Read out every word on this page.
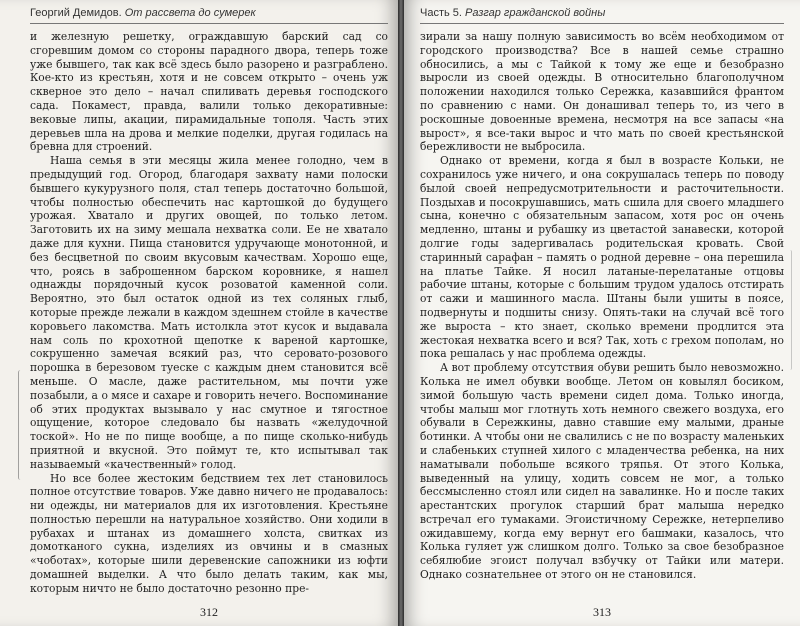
Георгий Демидов. От рассвета до сумерек

и железную решетку, ограждавшую барский сад со сгоревшим домом со стороны парадного двора, теперь тоже уже бывшего, так как всё здесь было разорено и разграблено. Кое-кто из крестьян, хотя и не совсем открыто – очень уж скверное это дело – начал спиливать деревья господского сада. Покамест, правда, валили только декоративные: вековые липы, акации, пирамидальные тополя. Часть этих деревьев шла на дрова и мелкие поделки, другая годилась на бревна для строений.

Наша семья в эти месяцы жила менее голодно, чем в предыдущий год. Огород, благодаря захвату нами полоски бывшего кукурузного поля, стал теперь достаточно большой, чтобы полностью обеспечить нас картошкой до будущего урожая. Хватало и других овощей, по только летом. Заготовить их на зиму мешала нехватка соли. Ее не хватало даже для кухни. Пища становится удручающе монотонной, и без бесцветной по своим вкусовым качествам. Хорошо еще, что, роясь в заброшенном барском коровнике, я нашел однажды порядочный кусок розоватой каменной соли. Вероятно, это был остаток одной из тех соляных глыб, которые прежде лежали в каждом здешнем стойле в качестве коровьего лакомства. Мать истолкла этот кусок и выдавала нам соль по крохотной щепотке к вареной картошке, сокрушенно замечая всякий раз, что серовато-розового порошка в березовом туеске с каждым днем становится всё меньше. О масле, даже растительном, мы почти уже позабыли, а о мясе и сахаре и говорить нечего. Воспоминание об этих продуктах вызывало у нас смутное и тягостное ощущение, которое следовало бы назвать «желудочной тоской». Но не по пище вообще, а по пище сколько-нибудь приятной и вкусной. Это поймут те, кто испытывал так называемый «качественный» голод.

Но все более жестоким бедствием тех лет становилось полное отсутствие товаров. Уже давно ничего не продавалось: ни одежды, ни материалов для их изготовления. Крестьяне полностью перешли на натуральное хозяйство. Они ходили в рубахах и штанах из домашнего холста, свитках из домотканого сукна, изделиях из овчины и в смазных «чоботах», которые шили деревенские сапожники из юфти домашней выделки. А что было делать таким, как мы, которым ничто не было достаточно резонно пре-

312
Часть 5. Разгар гражданской войны

зирали за нашу полную зависимость во всём необходимом от городского производства? Все в нашей семье страшно обносились, а мы с Тайкой к тому же еще и безобразно выросли из своей одежды. В относительно благополучном положении находился только Сережка, казавшийся франтом по сравнению с нами. Он донашивал теперь то, из чего в роскошные довоенные времена, несмотря на все запасы «на вырост», я все-таки вырос и что мать по своей крестьянской бережливости не выбросила.

Однако от времени, когда я был в возрасте Кольки, не сохранилось уже ничего, и она сокрушалась теперь по поводу былой своей непредусмотрительности и расточительности. Поздыхав и посокрушавшись, мать сшила для своего младшего сына, конечно с обязательным запасом, хотя рос он очень медленно, штаны и рубашку из цветастой занавески, которой долгие годы задергивалась родительская кровать. Свой старинный сарафан – память о родной деревне – она перешила на платье Тайке. Я носил латаные-перелатаные отцовы рабочие штаны, которые с большим трудом удалось отстирать от сажи и машинного масла. Штаны были ушиты в поясе, подвернуты и подшиты снизу. Опять-таки на случай всё того же выроста – кто знает, сколько времени продлится эта жестокая нехватка всего и вся? Так, хоть с грехом пополам, но пока решалась у нас проблема одежды.

А вот проблему отсутствия обуви решить было невозможно. Колька не имел обувки вообще. Летом он ковылял босиком, зимой большую часть времени сидел дома. Только иногда, чтобы малыш мог глотнуть хоть немного свежего воздуха, его обували в Сережкины, давно ставшие ему малыми, драные ботинки. А чтобы они не свалились с не по возрасту маленьких и слабеньких ступней хилого с младенчества ребенка, на них наматывали побольше всякого тряпья. От этого Колька, выведенный на улицу, ходить совсем не мог, а только бессмысленно стоял или сидел на завалинке. Но и после таких арестантских прогулок старший брат малыша нередко встречал его тумаками. Эгоистичному Сережке, нетерпеливо ожидавшему, когда ему вернут его башмаки, казалось, что Колька гуляет уж слишком долго. Только за свое безобразное себялюбие эгоист получал взбучку от Тайки или матери. Однако сознательнее от этого он не становился.

313
